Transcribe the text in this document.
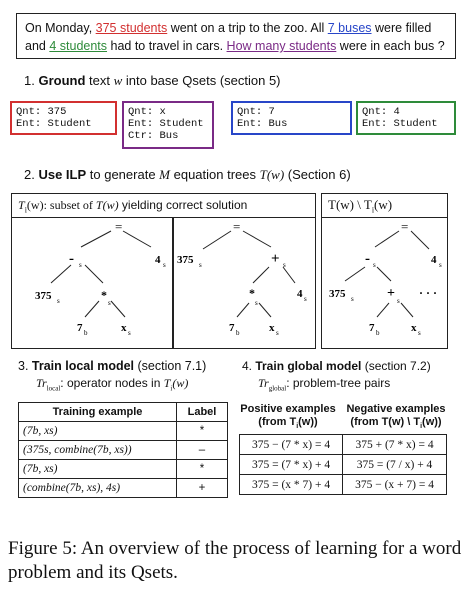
On Monday, 375 students went on a trip to the zoo. All 7 buses were filled
and 4 students had to travel in cars. How many students were in each bus ?
1. Ground text w into base Qsets (section 5)
Qnt: 375
Ent: Student
Qnt: x
Ent: Student
Ctr: Bus
Qnt: 7
Ent: Bus
Qnt: 4
Ent: Student
2. Use ILP to generate M equation trees T(w) (Section 6)
$T_i(w)$: subset of T(w) yielding correct solution	T(w) \ $T_i(w)$
=
- s	4 s
375 s	*
s
7 b	x s
=
375 s	+ s
*
s
4 s
7 b	x s
=
- s	4 s
375 s + s
· · ·
7 b	x s
3. Train local model (section 7.1)
$Tr_{local}$: operator nodes in $T_i(w)$
4. Train global model (section 7.2)
$Tr_{global}$: problem-tree pairs
Training example	Label
(7b, xs)	*
(375s, combine(7b, xs))	–
(7b, xs)	*
(combine(7b, xs), 4s)	+
Positive examples
(from $T_i(w)$)
Negative examples
(from T(w) \ $T_i(w)$)
375 − (7 * x) = 4	375 + (7 * x) = 4
375 = (7 * x) + 4	375 = (7 / x) + 4
375 = (x * 7) + 4	375 − (x + 7) = 4
Figure 5: An overview of the process of learning for a word problem and its Qsets.
